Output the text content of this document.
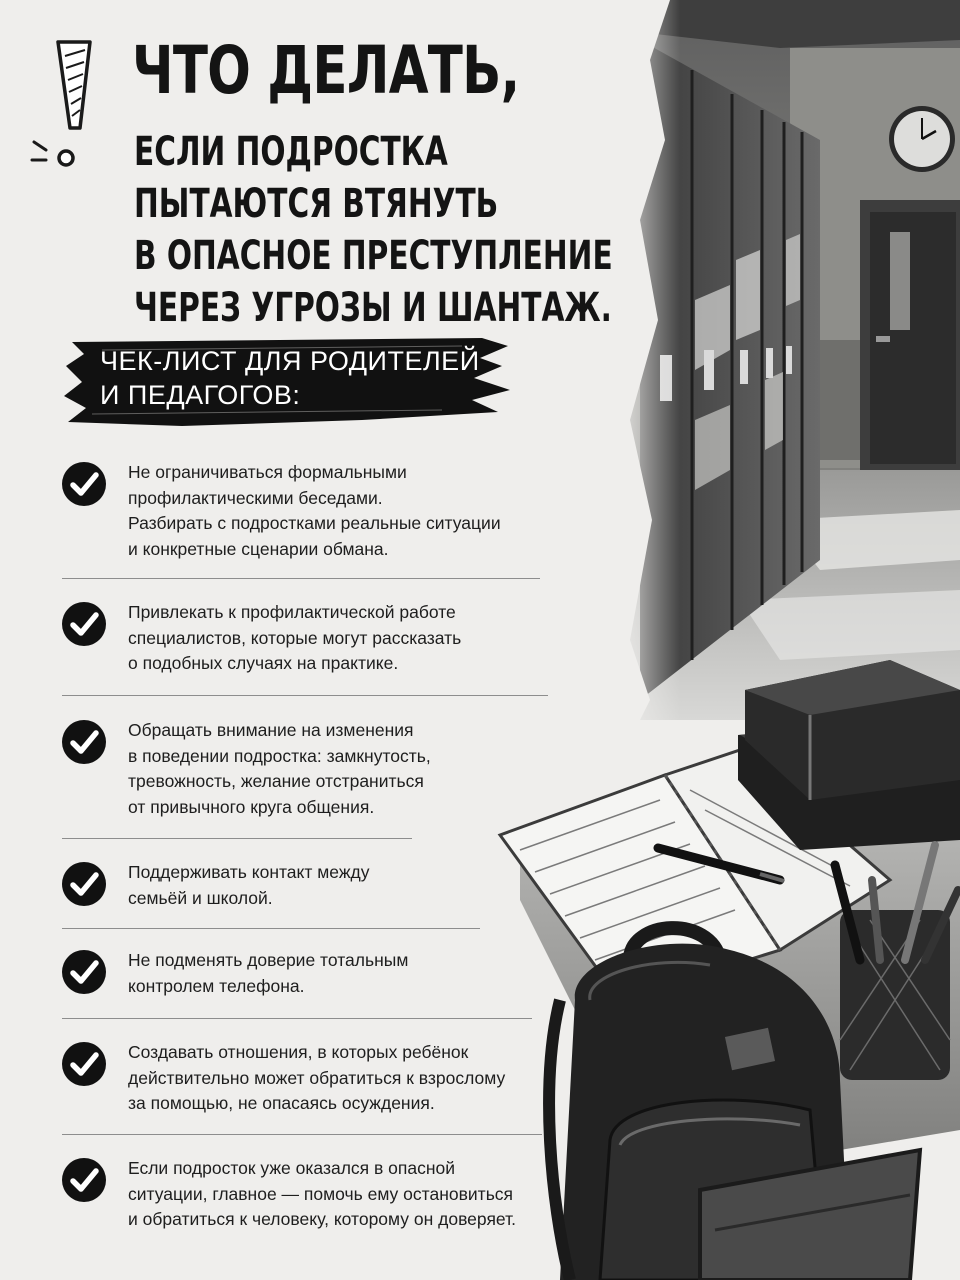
ЧТО ДЕЛАТЬ,
ЕСЛИ ПОДРОСТКА
ПЫТАЮТСЯ ВТЯНУТЬ
В ОПАСНОЕ ПРЕСТУПЛЕНИЕ
ЧЕРЕЗ УГРОЗЫ И ШАНТАЖ.
ЧЕК-ЛИСТ ДЛЯ РОДИТЕЛЕЙ
И ПЕДАГОГОВ:
Не ограничиваться формальными
профилактическими беседами.
Разбирать с подростками реальные ситуации
и конкретные сценарии обмана.
Привлекать к профилактической работе
специалистов, которые могут рассказать
о подобных случаях на практике.
Обращать внимание на изменения
в поведении подростка: замкнутость,
тревожность, желание отстраниться
от привычного круга общения.
Поддерживать контакт между
семьёй и школой.
Не подменять доверие тотальным
контролем телефона.
Создавать отношения, в которых ребёнок
действительно может обратиться к взрослому
за помощью, не опасаясь осуждения.
Если подросток уже оказался в опасной
ситуации, главное — помочь ему остановиться
и обратиться к человеку, которому он доверяет.
